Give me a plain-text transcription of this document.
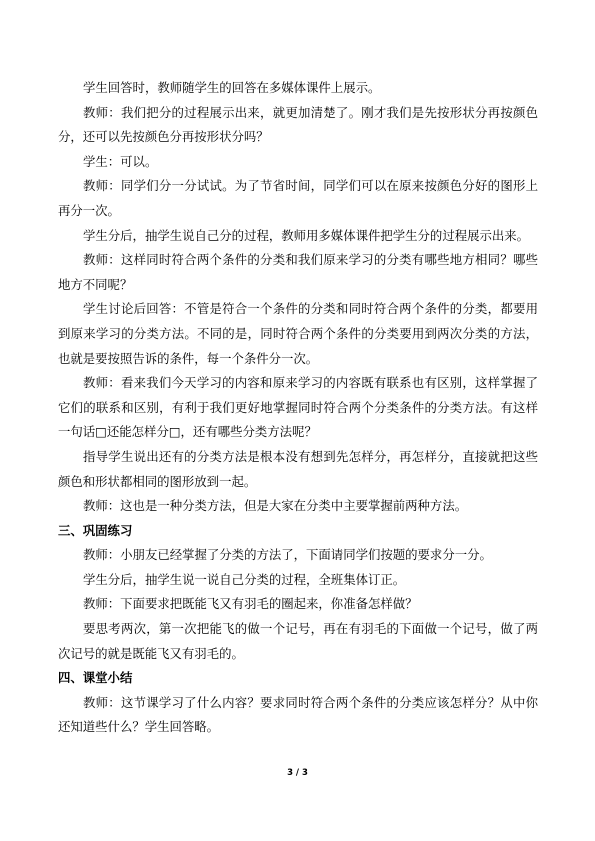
学生回答时，教师随学生的回答在多媒体课件上展示。

教师：我们把分的过程展示出来，就更加清楚了。刚才我们是先按形状分再按颜色分，还可以先按颜色分再按形状分吗？

学生：可以。

教师：同学们分一分试试。为了节省时间，同学们可以在原来按颜色分好的图形上再分一次。

学生分后，抽学生说自己分的过程，教师用多媒体课件把学生分的过程展示出来。

教师：这样同时符合两个条件的分类和我们原来学习的分类有哪些地方相同？哪些地方不同呢？

学生讨论后回答：不管是符合一个条件的分类和同时符合两个条件的分类，都要用到原来学习的分类方法。不同的是，同时符合两个条件的分类要用到两次分类的方法，也就是要按照告诉的条件，每一个条件分一次。

教师：看来我们今天学习的内容和原来学习的内容既有联系也有区别，这样掌握了它们的联系和区别，有利于我们更好地掌握同时符合两个分类条件的分类方法。有这样一句话□还能怎样分□，还有哪些分类方法呢？

指导学生说出还有的分类方法是根本没有想到先怎样分，再怎样分，直接就把这些颜色和形状都相同的图形放到一起。

教师：这也是一种分类方法，但是大家在分类中主要掌握前两种方法。

三、巩固练习

教师：小朋友已经掌握了分类的方法了，下面请同学们按题的要求分一分。

学生分后，抽学生说一说自己分类的过程，全班集体订正。

教师：下面要求把既能飞又有羽毛的圈起来，你准备怎样做？

要思考两次，第一次把能飞的做一个记号，再在有羽毛的下面做一个记号，做了两次记号的就是既能飞又有羽毛的。

四、课堂小结

教师：这节课学习了什么内容？要求同时符合两个条件的分类应该怎样分？从中你还知道些什么？学生回答略。

3 / 3
